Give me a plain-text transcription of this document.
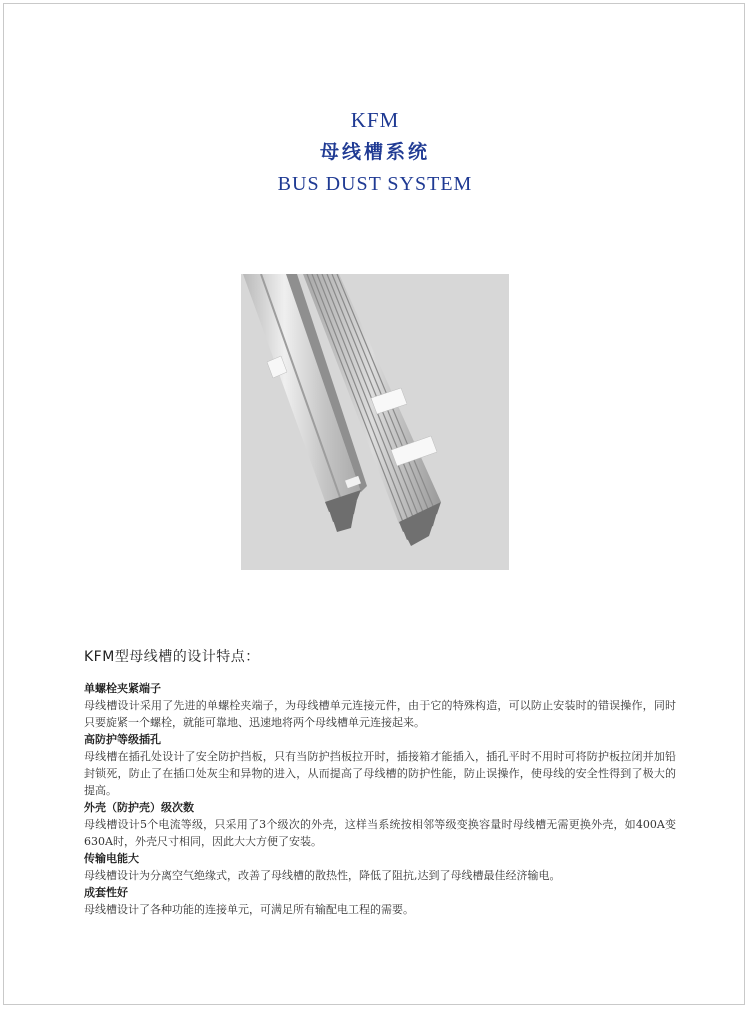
KFM
母线槽系统
BUS DUST SYSTEM
KFM型母线槽的设计特点：
单螺栓夹紧端子
母线槽设计采用了先进的单螺栓夹端子，为母线槽单元连接元件，由于它的特殊构造，可以防止安装时的错误操作，同时只要旋紧一个螺栓，就能可靠地、迅速地将两个母线槽单元连接起来。
高防护等级插孔
母线槽在插孔处设计了安全防护挡板，只有当防护挡板拉开时，插接箱才能插入，插孔平时不用时可将防护板拉闭并加铅封锁死，防止了在插口处灰尘和异物的进入，从而提高了母线槽的防护性能，防止误操作，使母线的安全性得到了极大的提高。
外壳（防护壳）级次数
母线槽设计5个电流等级，只采用了3个级次的外壳，这样当系统按相邻等级变换容量时母线槽无需更换外壳，如400A变630A时，外壳尺寸相同，因此大大方便了安装。
传输电能大
母线槽设计为分离空气绝缘式，改善了母线槽的散热性，降低了阻抗,达到了母线槽最佳经济输电。
成套性好
母线槽设计了各种功能的连接单元，可满足所有输配电工程的需要。
